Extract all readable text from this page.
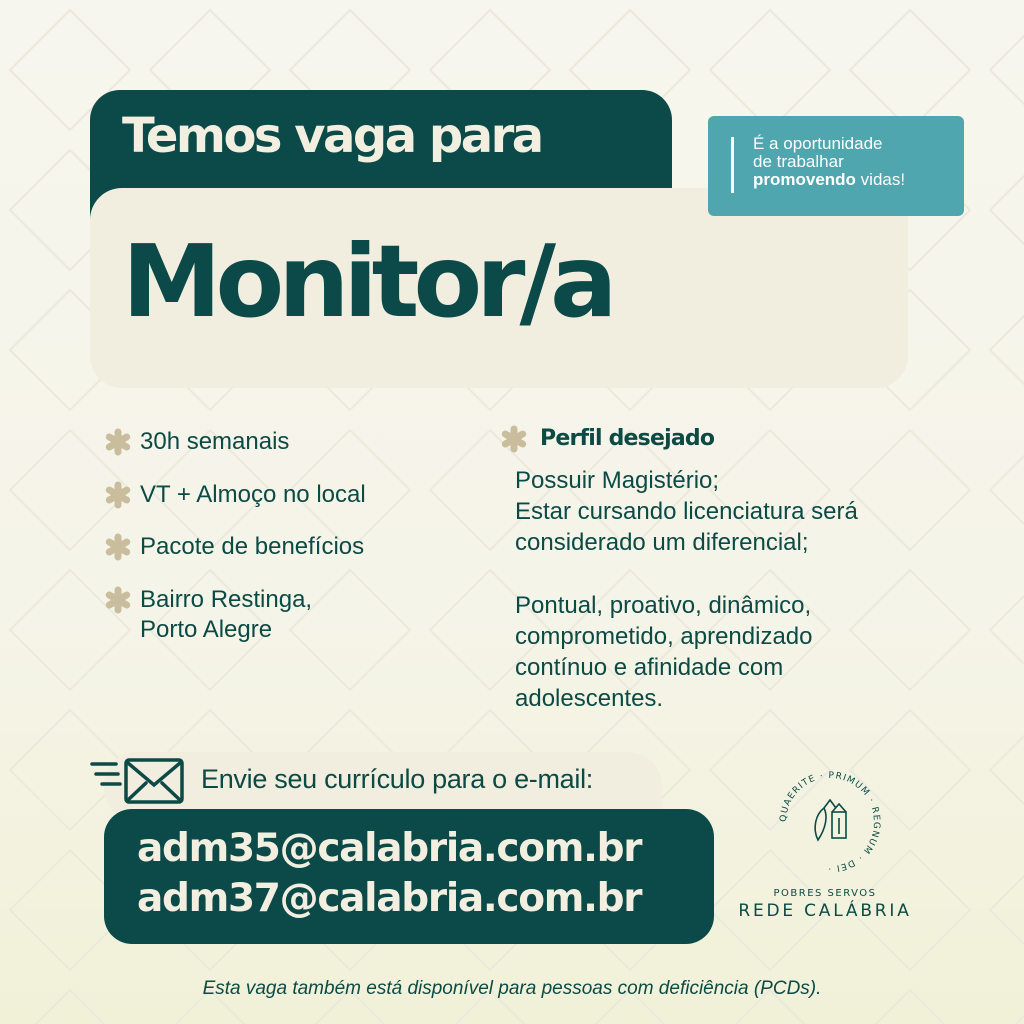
Temos vaga para
Monitor/a
É a oportunidade
de trabalhar
promovendo vidas!
30h semanais
VT + Almoço no local
Pacote de benefícios
Bairro Restinga,
Porto Alegre
Perfil desejado
Possuir Magistério;
Estar cursando licenciatura será
considerado um diferencial;
Pontual, proativo, dinâmico,
comprometido, aprendizado
contínuo e afinidade com
adolescentes.
Envie seu currículo para o e-mail:
adm35@calabria.com.br
adm37@calabria.com.br
QUAERITE · PRIMUM · REGNUM · DEI ·
POBRES SERVOS
REDE CALÁBRIA
Esta vaga também está disponível para pessoas com deficiência (PCDs).
